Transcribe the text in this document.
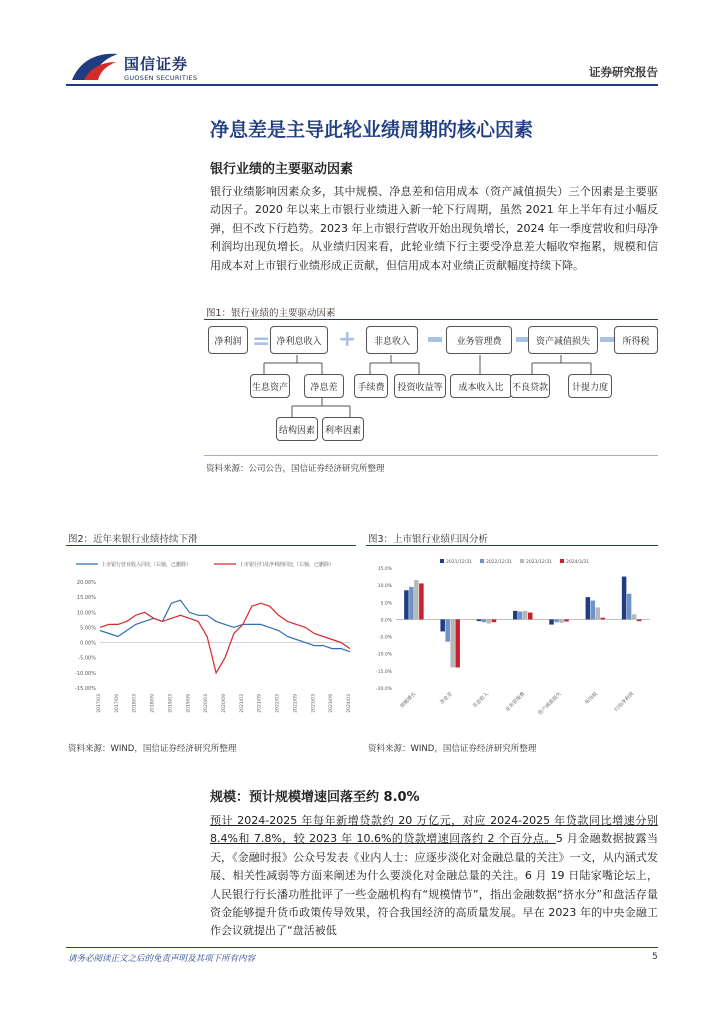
国信证券
GUOSEN SECURITIES	证券研究报告
净息差是主导此轮业绩周期的核心因素
银行业绩的主要驱动因素
银行业绩影响因素众多，其中规模、净息差和信用成本（资产减值损失）三个因素是主要驱动因子。2020 年以来上市银行业绩进入新一轮下行周期，虽然 2021 年上半年有过小幅反弹，但不改下行趋势。2023 年上市银行营收开始出现负增长，2024 年一季度营收和归母净利润均出现负增长。从业绩归因来看，此轮业绩下行主要受净息差大幅收窄拖累，规模和信用成本对上市银行业绩形成正贡献，但信用成本对业绩正贡献幅度持续下降。
图1：银行业绩的主要驱动因素
净利润 = 净利息收入 +	非息收入	业务管理费	资产减值损失	所得税
生息资产	净息差	手续费	投资收益等	成本收入比 不良贷款	计提力度
结构因素	利率因素
资料来源：公司公告，国信证券经济研究所整理
图2：近年来银行业绩持续下滑
上市银行营业收入同比（右轴，已删除）	上市银行归母净利润同比（右轴，已删除）
20.00%
15.00%
10.00%
5.00%
0.00%
-5.00%
-10.00%
-15.00%
2017/03	2017/09	2018/03	2018/09	2019/03	2019/09	2020/03	2020/09	2021/03	2021/09	2022/03	2022/09	2023/03	2023/09	2024/03
资料来源：WIND，国信证券经济研究所整理
图3：上市银行业绩归因分析
2021/12/31	2022/12/31	2023/12/31	2024/3/31
15.0%
10.0%
5.0%
0.0%
-5.0%
-10.0%
-15.0%
-20.0%
规模增长	净息差	非息收入	业务管理费 资产减值损失	所得税	归母净利润
资料来源：WIND，国信证券经济研究所整理
规模：预计规模增速回落至约 8.0%
预计 2024-2025 年每年新增贷款约 20 万亿元，对应 2024-2025 年贷款同比增速分别 8.4%和 7.8%，较 2023 年 10.6%的贷款增速回落约 2 个百分点。5 月金融数据披露当天，《金融时报》公众号发表《业内人士：应逐步淡化对金融总量的关注》一文，从内涵式发展、相关性减弱等方面来阐述为什么要淡化对金融总量的关注。6 月 19 日陆家嘴论坛上，人民银行行长潘功胜批评了一些金融机构有“规模情节”，指出金融数据“挤水分”和盘活存量资金能够提升货币政策传导效果，符合我国经济的高质量发展。早在 2023 年的中央金融工作会议就提出了“盘活被低
请务必阅读正文之后的免责声明及其项下所有内容	5
